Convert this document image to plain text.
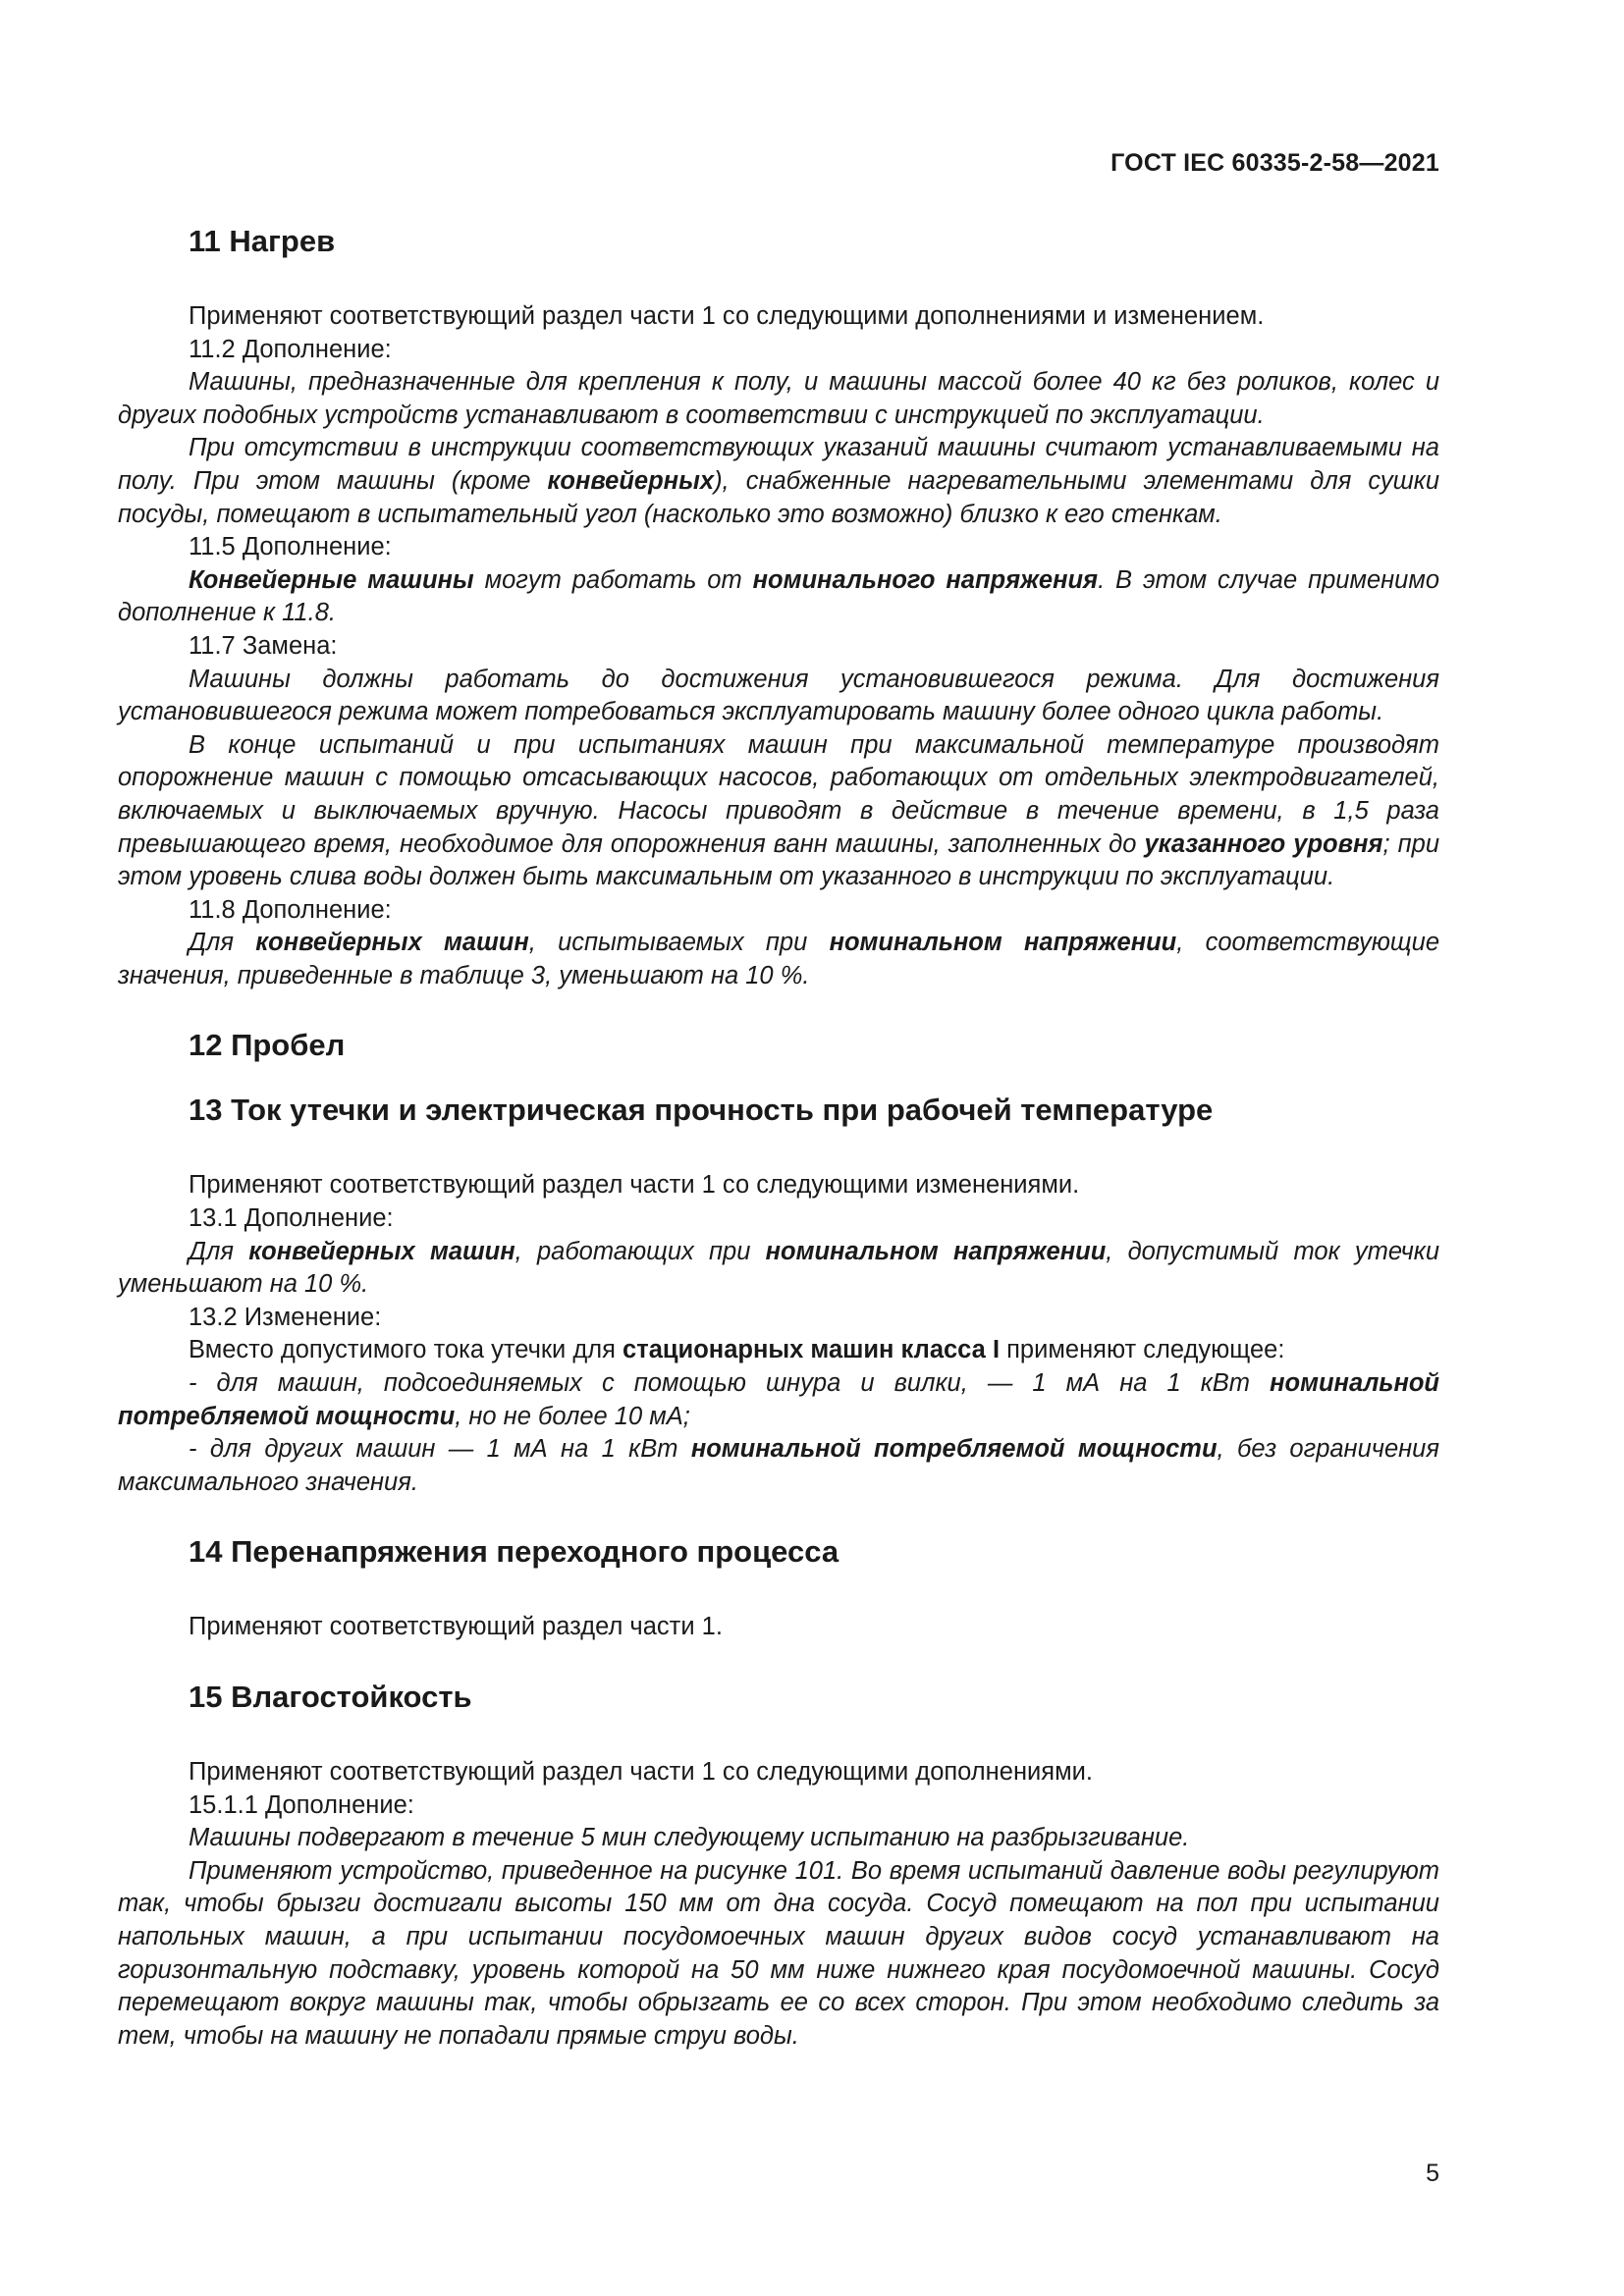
ГОСТ IEC 60335-2-58—2021
11 Нагрев

Применяют соответствующий раздел части 1 со следующими дополнениями и изменением.

11.2 Дополнение:

Машины, предназначенные для крепления к полу, и машины массой более 40 кг без роликов, колес и других подобных устройств устанавливают в соответствии с инструкцией по эксплуатации.

При отсутствии в инструкции соответствующих указаний машины считают устанавливаемыми на полу. При этом машины (кроме конвейерных), снабженные нагревательными элементами для сушки посуды, помещают в испытательный угол (насколько это возможно) близко к его стенкам.

11.5 Дополнение:

Конвейерные машины могут работать от номинального напряжения. В этом случае применимо дополнение к 11.8.

11.7 Замена:

Машины должны работать до достижения установившегося режима. Для достижения установившегося режима может потребоваться эксплуатировать машину более одного цикла работы.

В конце испытаний и при испытаниях машин при максимальной температуре производят опорожнение машин с помощью отсасывающих насосов, работающих от отдельных электродвигателей, включаемых и выключаемых вручную. Насосы приводят в действие в течение времени, в 1,5 раза превышающего время, необходимое для опорожнения ванн машины, заполненных до указанного уровня; при этом уровень слива воды должен быть максимальным от указанного в инструкции по эксплуатации.

11.8 Дополнение:

Для конвейерных машин, испытываемых при номинальном напряжении, соответствующие значения, приведенные в таблице 3, уменьшают на 10 %.

12 Пробел
13 Ток утечки и электрическая прочность при рабочей температуре

Применяют соответствующий раздел части 1 со следующими изменениями.

13.1 Дополнение:

Для конвейерных машин, работающих при номинальном напряжении, допустимый ток утечки уменьшают на 10 %.

13.2 Изменение:

Вместо допустимого тока утечки для стационарных машин класса I применяют следующее:

- для машин, подсоединяемых с помощью шнура и вилки, — 1 мА на 1 кВт номинальной потребляемой мощности, но не более 10 мА;

- для других машин — 1 мА на 1 кВт номинальной потребляемой мощности, без ограничения максимального значения.

14 Перенапряжения переходного процесса

Применяют соответствующий раздел части 1.

15 Влагостойкость

Применяют соответствующий раздел части 1 со следующими дополнениями.

15.1.1 Дополнение:

Машины подвергают в течение 5 мин следующему испытанию на разбрызгивание.

Применяют устройство, приведенное на рисунке 101. Во время испытаний давление воды регулируют так, чтобы брызги достигали высоты 150 мм от дна сосуда. Сосуд помещают на пол при испытании напольных машин, а при испытании посудомоечных машин других видов сосуд устанавливают на горизонтальную подставку, уровень которой на 50 мм ниже нижнего края посудомоечной машины. Сосуд перемещают вокруг машины так, чтобы обрызгать ее со всех сторон. При этом необходимо следить за тем, чтобы на машину не попадали прямые струи воды.

5
